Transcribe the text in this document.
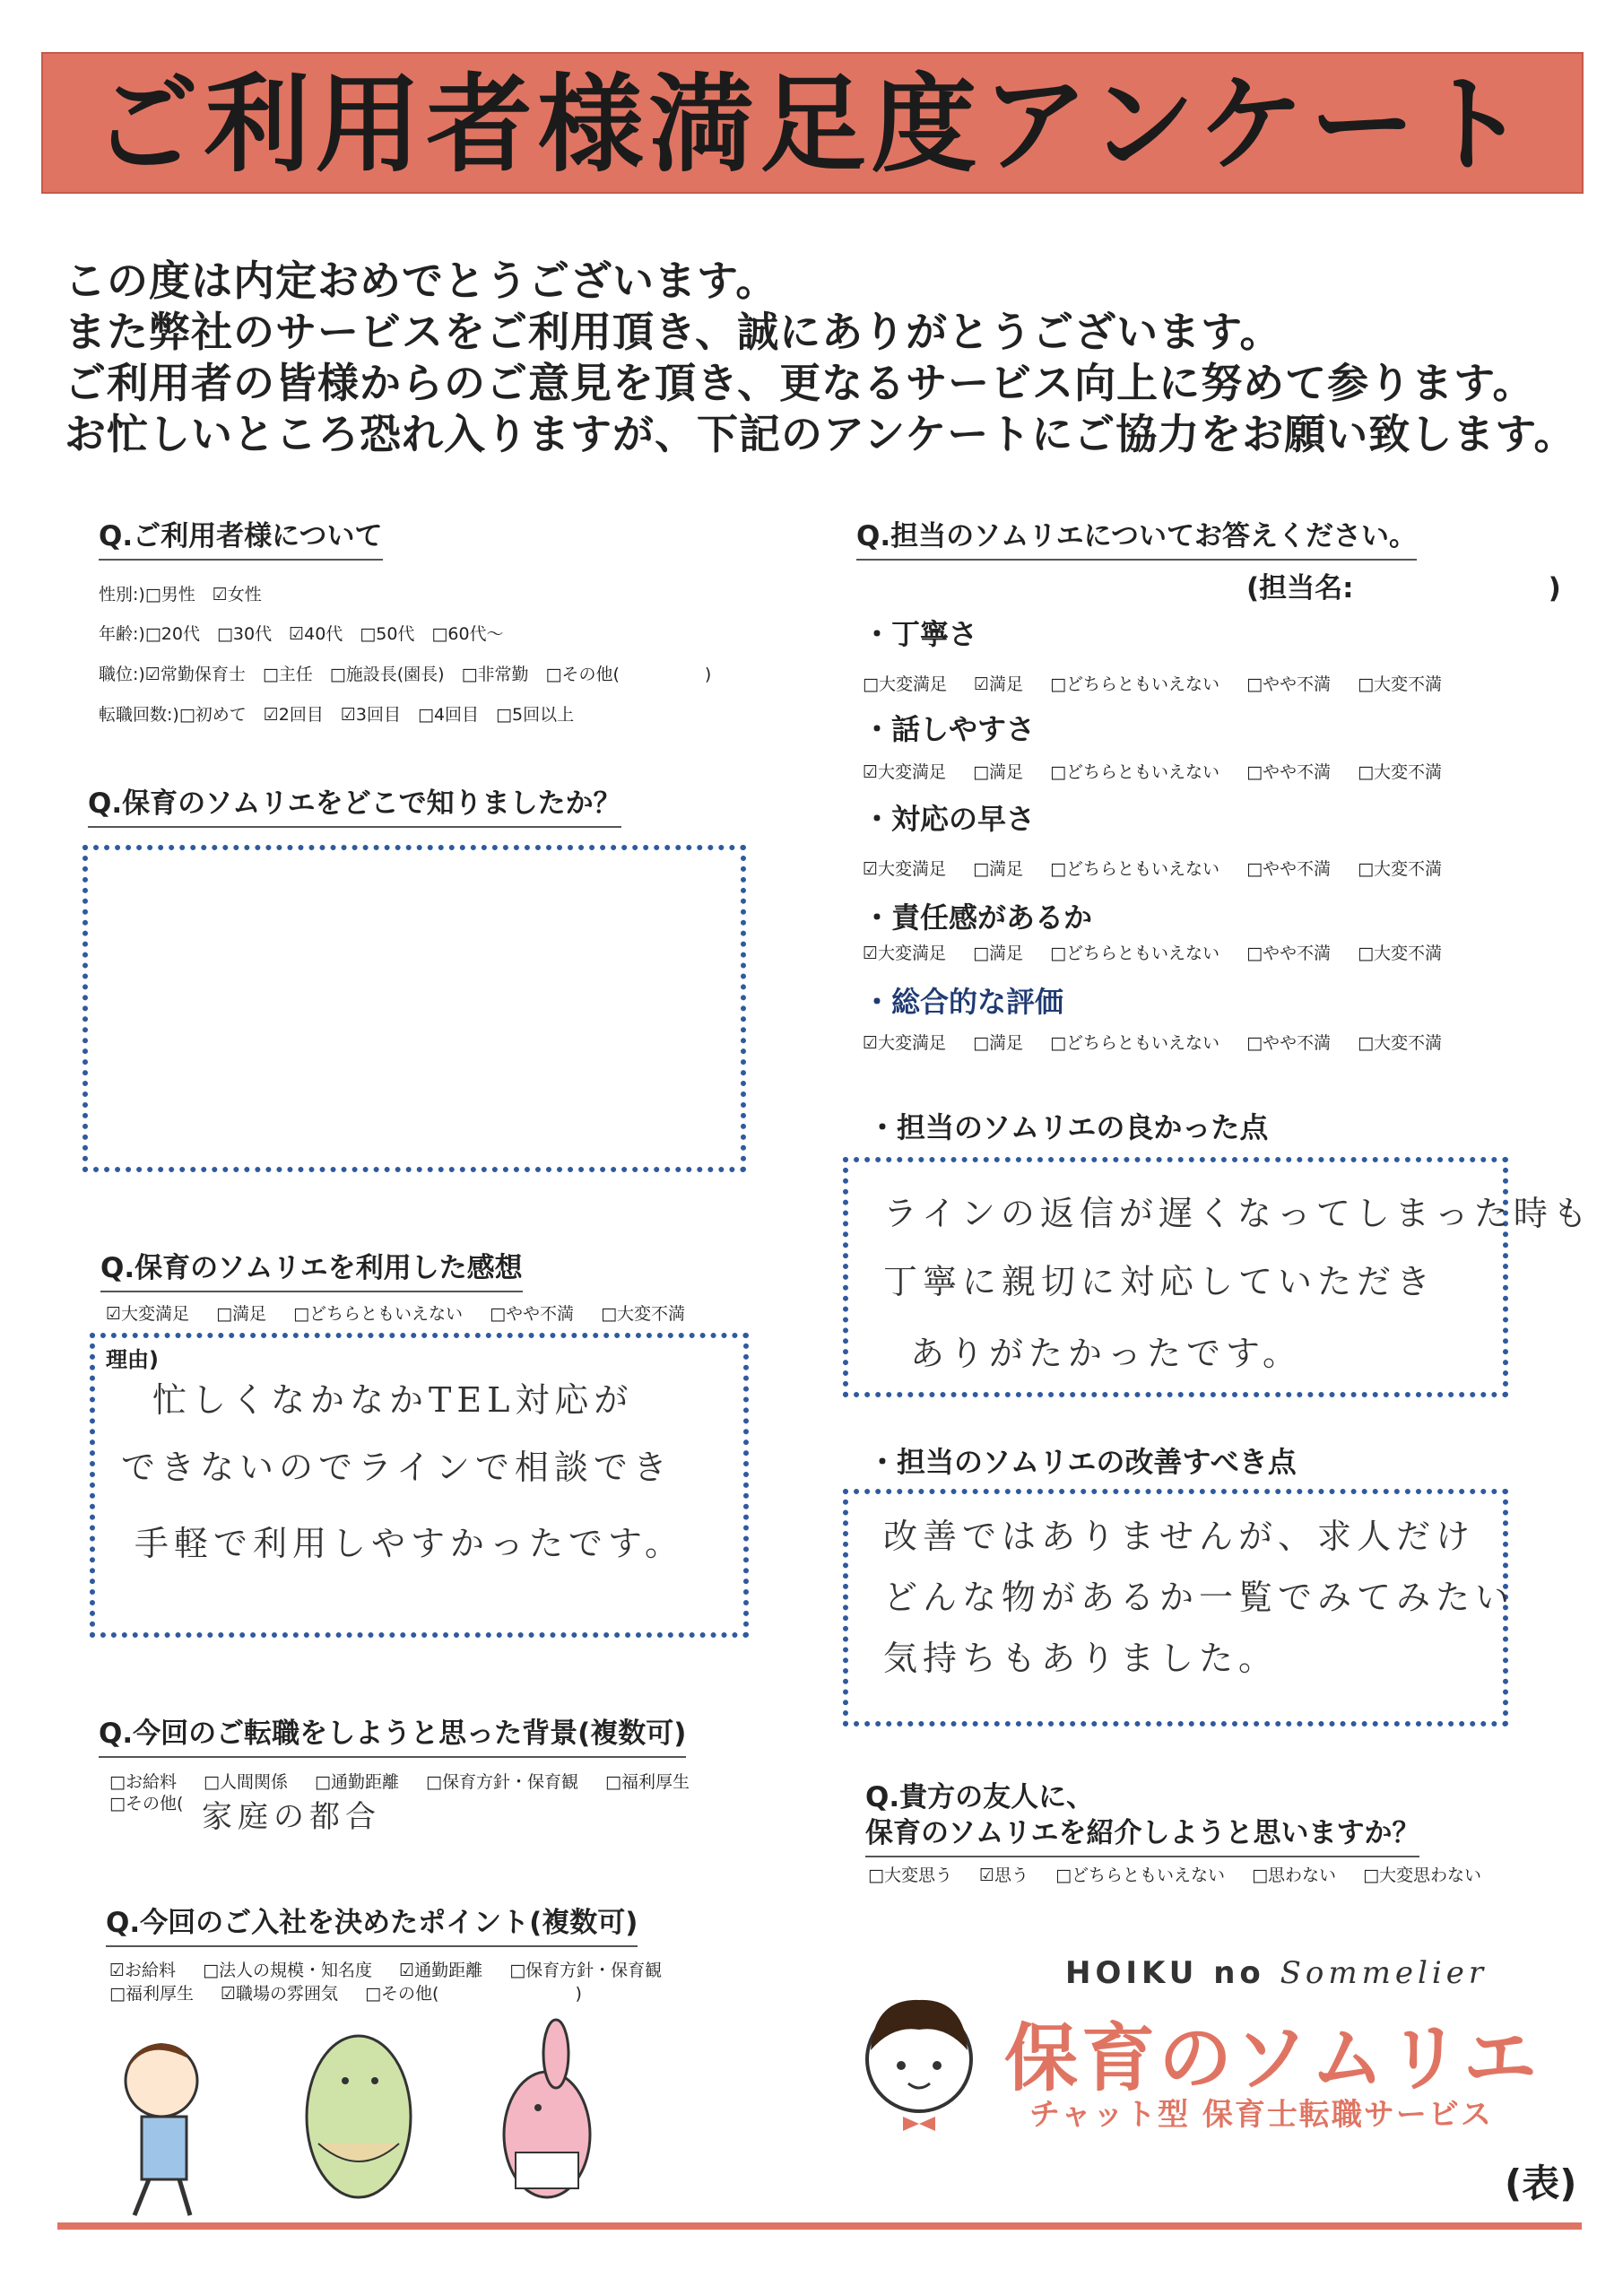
ご利用者様満足度アンケート

この度は内定おめでとうございます。

また弊社のサービスをご利用頂き、誠にありがとうございます。

ご利用者の皆様からのご意見を頂き、更なるサービス向上に努めて参ります。

お忙しいところ恐れ入りますが、下記のアンケートにご協力をお願い致します。

Q.ご利用者様について
性別:)□男性　☑女性
年齢:)□20代　□30代　☑40代　□50代　□60代～
職位:)☑常勤保育士　□主任　□施設長(園長)　□非常勤　□その他(　　　　　)
転職回数:)□初めて　☑2回目　☑3回目　□4回目　□5回以上
Q.保育のソムリエをどこで知りましたか？
Q.保育のソムリエを利用した感想
☑大変満足 □満足 □どちらともいえない □やや不満 □大変不満
理由)
忙しくなかなかTEL対応が
できないのでラインで相談でき
手軽で利用しやすかったです。
Q.今回のご転職をしようと思った背景(複数可)
□お給料 □人間関係 □通勤距離 □保育方針・保育観 □福利厚生
□その他( 家庭の都合
Q.今回のご入社を決めたポイント(複数可)
☑お給料 □法人の規模・知名度 ☑通勤距離 □保育方針・保育観
□福利厚生 ☑職場の雰囲気 □その他(　　　　　　　　)
Q.担当のソムリエについてお答えください。
(担当名:　　　　　　　)
・丁寧さ
□大変満足 ☑満足 □どちらともいえない □やや不満 □大変不満
・話しやすさ
☑大変満足 □満足 □どちらともいえない □やや不満 □大変不満
・対応の早さ
☑大変満足 □満足 □どちらともいえない □やや不満 □大変不満
・責任感があるか
☑大変満足 □満足 □どちらともいえない □やや不満 □大変不満
・総合的な評価
☑大変満足 □満足 □どちらともいえない □やや不満 □大変不満
・担当のソムリエの良かった点
ラインの返信が遅くなってしまった時も
丁寧に親切に対応していただき
ありがたかったです。
・担当のソムリエの改善すべき点
改善ではありませんが、求人だけ
どんな物があるか一覧でみてみたい
気持ちもありました。
Q.貴方の友人に、
保育のソムリエを紹介しようと思いますか？
□大変思う ☑思う □どちらともいえない □思わない □大変思わない
HOIKU no Sommelier
保育のソムリエ
チャット型 保育士転職サービス
(表)
